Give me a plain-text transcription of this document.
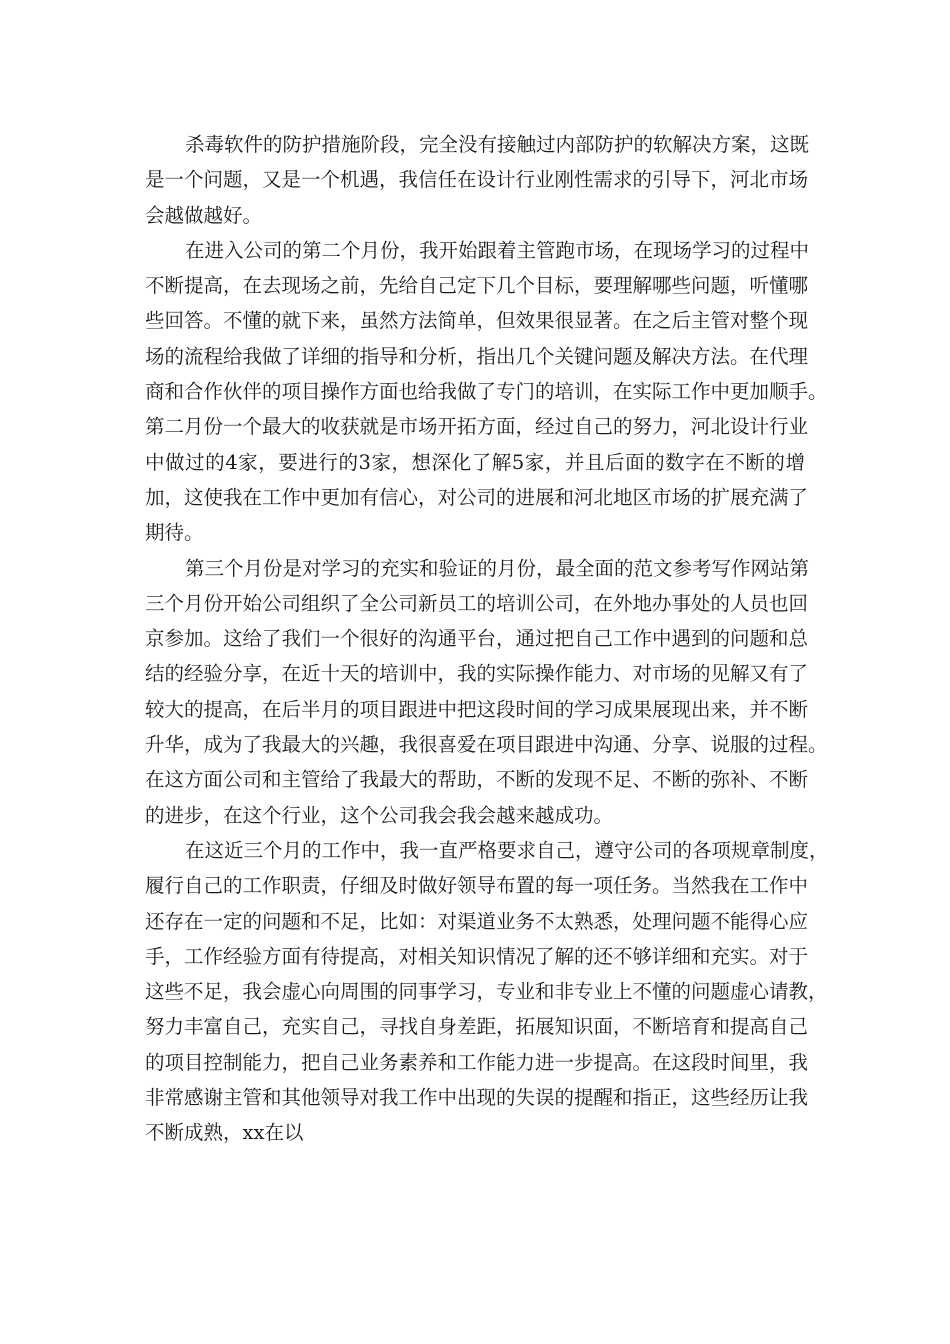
杀毒软件的防护措施阶段，完全没有接触过内部防护的软解决方案，这既
是一个问题，又是一个机遇，我信任在设计行业刚性需求的引导下，河北市场
会越做越好。
在进入公司的第二个月份，我开始跟着主管跑市场，在现场学习的过程中
不断提高，在去现场之前，先给自己定下几个目标，要理解哪些问题，听懂哪
些回答。不懂的就下来，虽然方法简单，但效果很显著。在之后主管对整个现
场的流程给我做了详细的指导和分析，指出几个关键问题及解决方法。在代理
商和合作伙伴的项目操作方面也给我做了专门的培训，在实际工作中更加顺手。
第二月份一个最大的收获就是市场开拓方面，经过自己的努力，河北设计行业
中做过的4家，要进行的3家，想深化了解5家，并且后面的数字在不断的增
加，这使我在工作中更加有信心，对公司的进展和河北地区市场的扩展充满了
期待。
第三个月份是对学习的充实和验证的月份，最全面的范文参考写作网站第
三个月份开始公司组织了全公司新员工的培训公司，在外地办事处的人员也回
京参加。这给了我们一个很好的沟通平台，通过把自己工作中遇到的问题和总
结的经验分享，在近十天的培训中，我的实际操作能力、对市场的见解又有了
较大的提高，在后半月的项目跟进中把这段时间的学习成果展现出来，并不断
升华，成为了我最大的兴趣，我很喜爱在项目跟进中沟通、分享、说服的过程。
在这方面公司和主管给了我最大的帮助，不断的发现不足、不断的弥补、不断
的进步，在这个行业，这个公司我会我会越来越成功。
在这近三个月的工作中，我一直严格要求自己，遵守公司的各项规章制度，
履行自己的工作职责，仔细及时做好领导布置的每一项任务。当然我在工作中
还存在一定的问题和不足，比如：对渠道业务不太熟悉，处理问题不能得心应
手，工作经验方面有待提高，对相关知识情况了解的还不够详细和充实。对于
这些不足，我会虚心向周围的同事学习，专业和非专业上不懂的问题虚心请教，
努力丰富自己，充实自己，寻找自身差距，拓展知识面，不断培育和提高自己
的项目控制能力，把自己业务素养和工作能力进一步提高。在这段时间里，我
非常感谢主管和其他领导对我工作中出现的失误的提醒和指正，这些经历让我
不断成熟，xx在以
